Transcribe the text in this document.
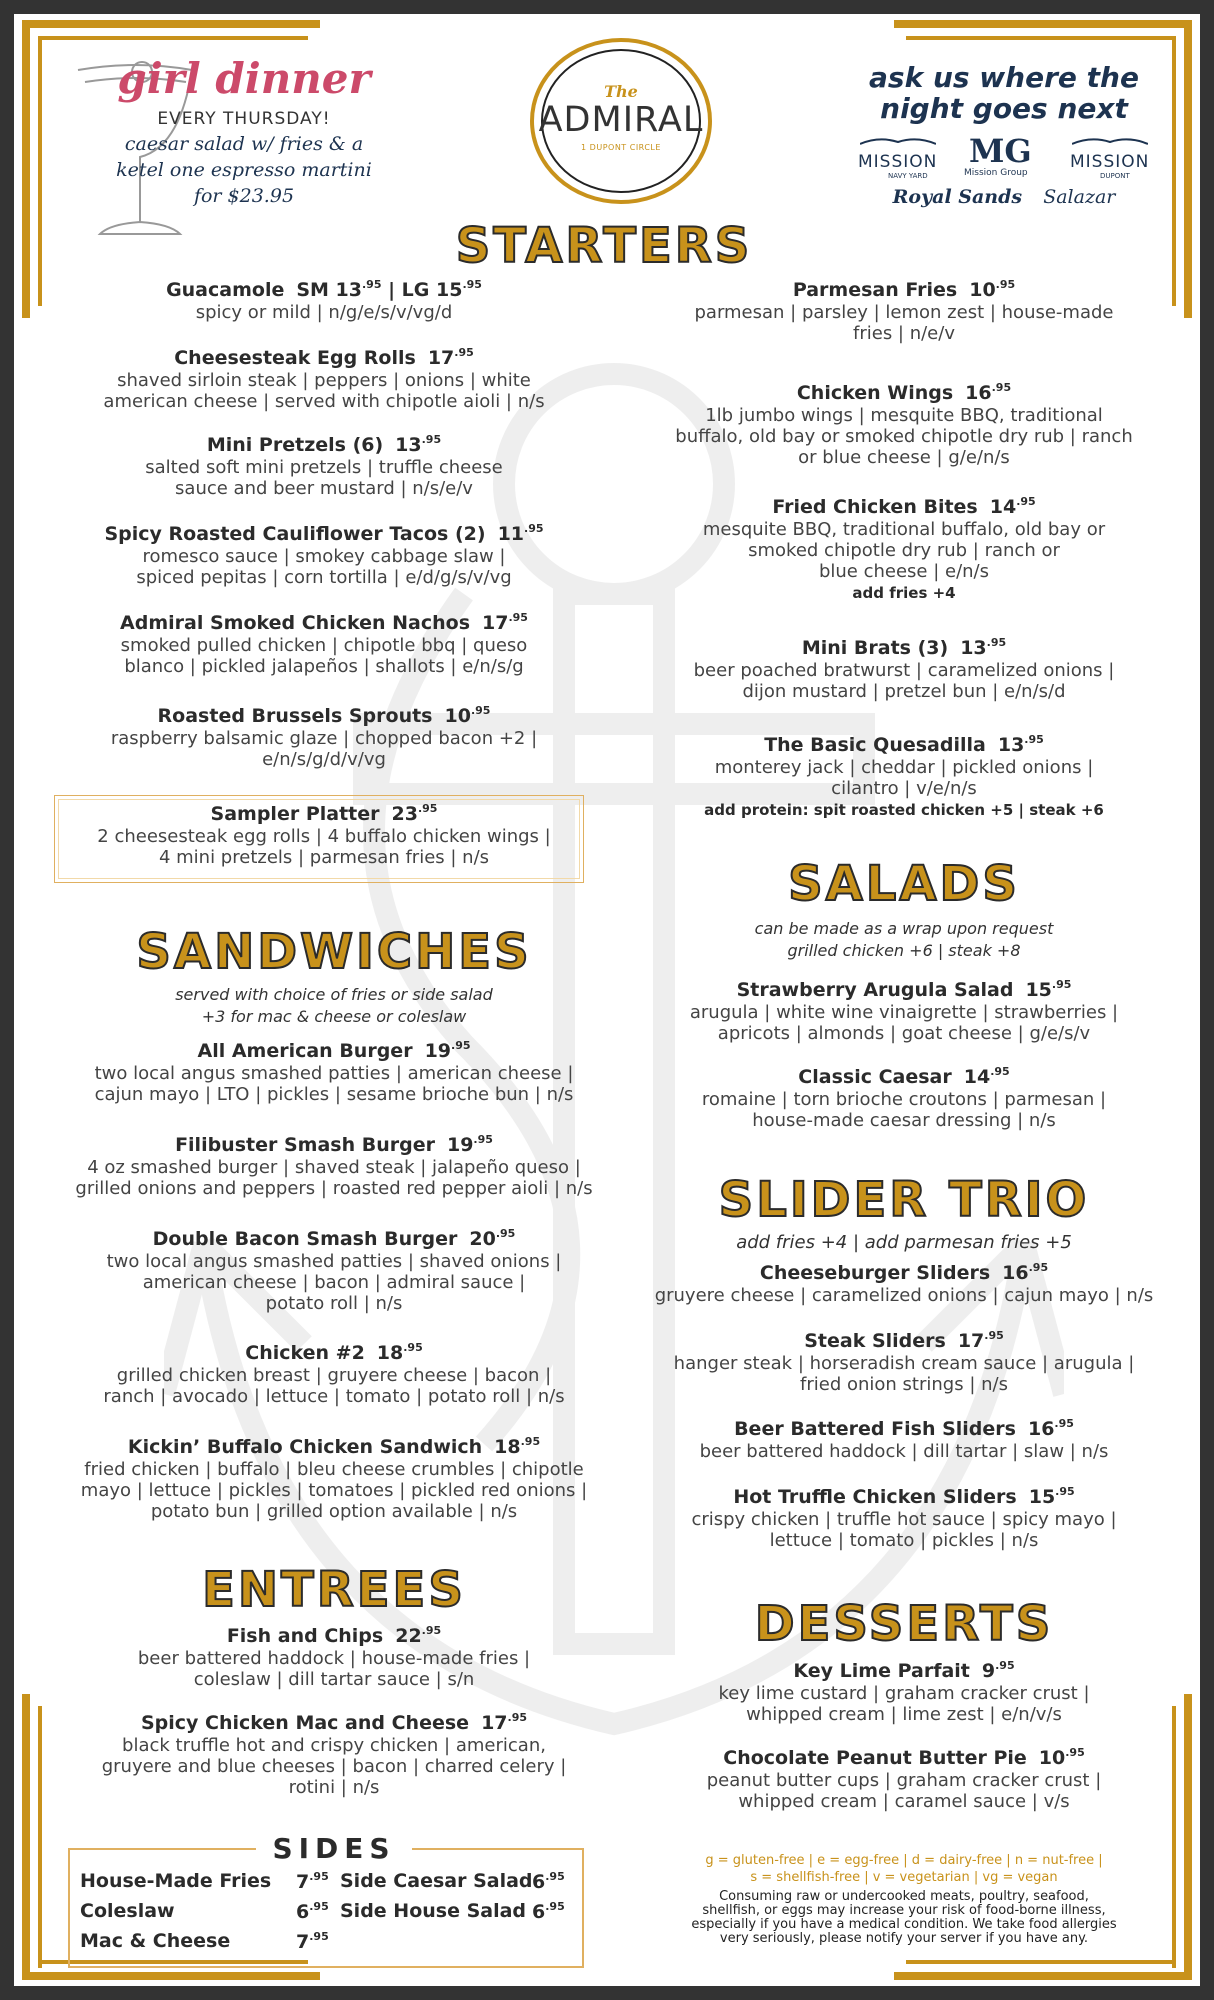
girl dinner
EVERY THURSDAY!
caesar salad w/ fries & a
ketel one espresso martini
for $23.95
The
ADMIRAL
1 DUPONT CIRCLE
ask us where the
night goes next
MISSION
NAVY YARD
MG
Mission Group
MISSION
DUPONT
Royal Sands Salazar
STARTERS
SANDWICHES
served with choice of fries or side salad
+3 for mac & cheese or coleslaw
ENTREES
SALADS
can be made as a wrap upon request
grilled chicken +6 | steak +8
SLIDER TRIO
add fries +4 | add parmesan fries +5
DESSERTS
Guacamole SM $13^{.95}$ | LG $15^{.95}$
spicy or mild | n/g/e/s/v/vg/d
Cheesesteak Egg Rolls $17^{.95}$
shaved sirloin steak | peppers | onions | white
american cheese | served with chipotle aioli | n/s
Mini Pretzels (6) $13^{.95}$
salted soft mini pretzels | truffle cheese
sauce and beer mustard | n/s/e/v
Spicy Roasted Cauliflower Tacos (2) $11^{.95}$
romesco sauce | smokey cabbage slaw |
spiced pepitas | corn tortilla | e/d/g/s/v/vg
Admiral Smoked Chicken Nachos $17^{.95}$
smoked pulled chicken | chipotle bbq | queso
blanco | pickled jalapeños | shallots | e/n/s/g
Roasted Brussels Sprouts $10^{.95}$
raspberry balsamic glaze | chopped bacon +2 |
e/n/s/g/d/v/vg
Sampler Platter $23^{.95}$
2 cheesesteak egg rolls | 4 buffalo chicken wings |
4 mini pretzels | parmesan fries | n/s
Parmesan Fries $10^{.95}$
parmesan | parsley | lemon zest | house-made
fries | n/e/v
Chicken Wings $16^{.95}$
1lb jumbo wings | mesquite BBQ, traditional
buffalo, old bay or smoked chipotle dry rub | ranch
or blue cheese | g/e/n/s
Fried Chicken Bites $14^{.95}$
mesquite BBQ, traditional buffalo, old bay or
smoked chipotle dry rub | ranch or
blue cheese | e/n/s
add fries +4
Mini Brats (3) $13^{.95}$
beer poached bratwurst | caramelized onions |
dijon mustard | pretzel bun | e/n/s/d
The Basic Quesadilla $13^{.95}$
monterey jack | cheddar | pickled onions |
cilantro | v/e/n/s
add protein: spit roasted chicken +5 | steak +6
All American Burger $19^{.95}$
two local angus smashed patties | american cheese |
cajun mayo | LTO | pickles | sesame brioche bun | n/s
Filibuster Smash Burger $19^{.95}$
4 oz smashed burger | shaved steak | jalapeño queso |
grilled onions and peppers | roasted red pepper aioli | n/s
Double Bacon Smash Burger $20^{.95}$
two local angus smashed patties | shaved onions |
american cheese | bacon | admiral sauce |
potato roll | n/s
Chicken #2 $18^{.95}$
grilled chicken breast | gruyere cheese | bacon |
ranch | avocado | lettuce | tomato | potato roll | n/s
Kickin’ Buffalo Chicken Sandwich $18^{.95}$
fried chicken | buffalo | bleu cheese crumbles | chipotle
mayo | lettuce | pickles | tomatoes | pickled red onions |
potato bun | grilled option available | n/s
Fish and Chips $22^{.95}$
beer battered haddock | house-made fries |
coleslaw | dill tartar sauce | s/n
Spicy Chicken Mac and Cheese $17^{.95}$
black truffle hot and crispy chicken | american,
gruyere and blue cheeses | bacon | charred celery |
rotini | n/s
Strawberry Arugula Salad $15^{.95}$
arugula | white wine vinaigrette | strawberries |
apricots | almonds | goat cheese | g/e/s/v
Classic Caesar $14^{.95}$
romaine | torn brioche croutons | parmesan |
house-made caesar dressing | n/s
Cheeseburger Sliders $16^{.95}$
gruyere cheese | caramelized onions | cajun mayo | n/s
Steak Sliders $17^{.95}$
hanger steak | horseradish cream sauce | arugula |
fried onion strings | n/s
Beer Battered Fish Sliders $16^{.95}$
beer battered haddock | dill tartar | slaw | n/s
Hot Truffle Chicken Sliders $15^{.95}$
crispy chicken | truffle hot sauce | spicy mayo |
lettuce | tomato | pickles | n/s
Key Lime Parfait $9^{.95}$
key lime custard | graham cracker crust |
whipped cream | lime zest | e/n/v/s
Chocolate Peanut Butter Pie $10^{.95}$
peanut butter cups | graham cracker crust |
whipped cream | caramel sauce | v/s
SIDES
House-Made Fries $7^{.95}$
Coleslaw	$6^{.95}$
Mac & Cheese	$7^{.95}$
Side Caesar Salad $6^{.95}$
Side House Salad $6^{.95}$
g = gluten-free | e = egg-free | d = dairy-free | n = nut-free |
s = shellfish-free | v = vegetarian | vg = vegan
Consuming raw or undercooked meats, poultry, seafood,
shellfish, or eggs may increase your risk of food-borne illness,
especially if you have a medical condition. We take food allergies
very seriously, please notify your server if you have any.
